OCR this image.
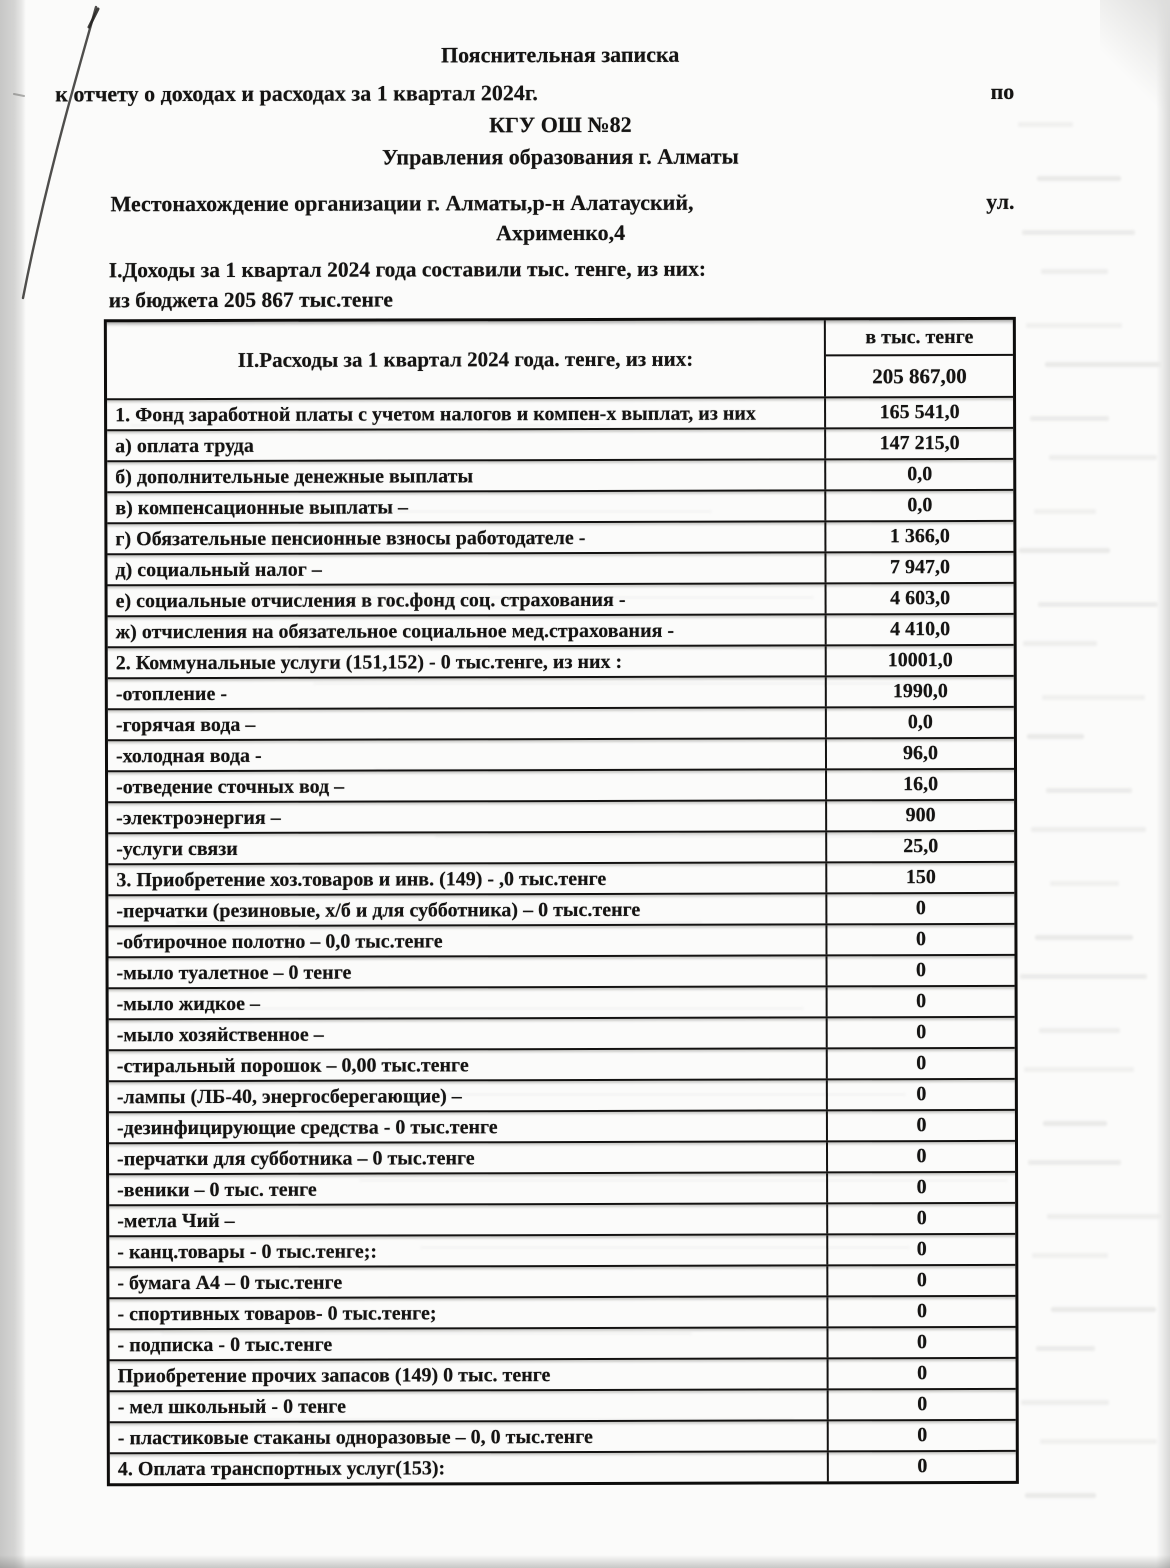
Пояснительная записка
к отчету о доходах и расходах за 1 квартал 2024г.	по
КГУ ОШ №82
Управления образования г. Алматы
Местонахождение организации г. Алматы,р-н Алатауский,	ул.
Ахрименко,4
I.Доходы за 1 квартал 2024 года составили тыс. тенге, из них:
из бюджета 205 867 тыс.тенге
II.Расходы за 1 квартал 2024 года. тенге, из них:
в тыс. тенге
205 867,00
1. Фонд заработной платы с учетом налогов и компен-х выплат, из них	165 541,0
а) оплата труда	147 215,0
б) дополнительные денежные выплаты	0,0
в) компенсационные выплаты –	0,0
г) Обязательные пенсионные взносы работодателе -	1 366,0
д) социальный налог –	7 947,0
е) социальные отчисления в гос.фонд соц. страхования -	4 603,0
ж) отчисления на обязательное социальное мед.страхования -	4 410,0
2. Коммунальные услуги (151,152) - 0 тыс.тенге, из них :	10001,0
-отопление -	1990,0
-горячая вода –	0,0
-холодная вода -	96,0
-отведение сточных вод –	16,0
-электроэнергия –	900
-услуги связи	25,0
3. Приобретение хоз.товаров и инв. (149) - ,0 тыс.тенге	150
-перчатки (резиновые, х/б и для субботника) – 0 тыс.тенге	0
-обтирочное полотно – 0,0 тыс.тенге	0
-мыло туалетное – 0 тенге	0
-мыло жидкое –	0
-мыло хозяйственное –	0
-стиральный порошок – 0,00 тыс.тенге	0
-лампы (ЛБ-40, энергосберегающие) –	0
-дезинфицирующие средства - 0 тыс.тенге	0
-перчатки для субботника – 0 тыс.тенге	0
-веники – 0 тыс. тенге	0
-метла Чий –	0
- канц.товары - 0 тыс.тенге;:	0
- бумага А4 – 0 тыс.тенге	0
- спортивных товаров- 0 тыс.тенге;	0
- подписка - 0 тыс.тенге	0
Приобретение прочих запасов (149) 0 тыс. тенге	0
- мел школьный - 0 тенге	0
- пластиковые стаканы одноразовые – 0, 0 тыс.тенге	0
4. Оплата транспортных услуг(153):	0
